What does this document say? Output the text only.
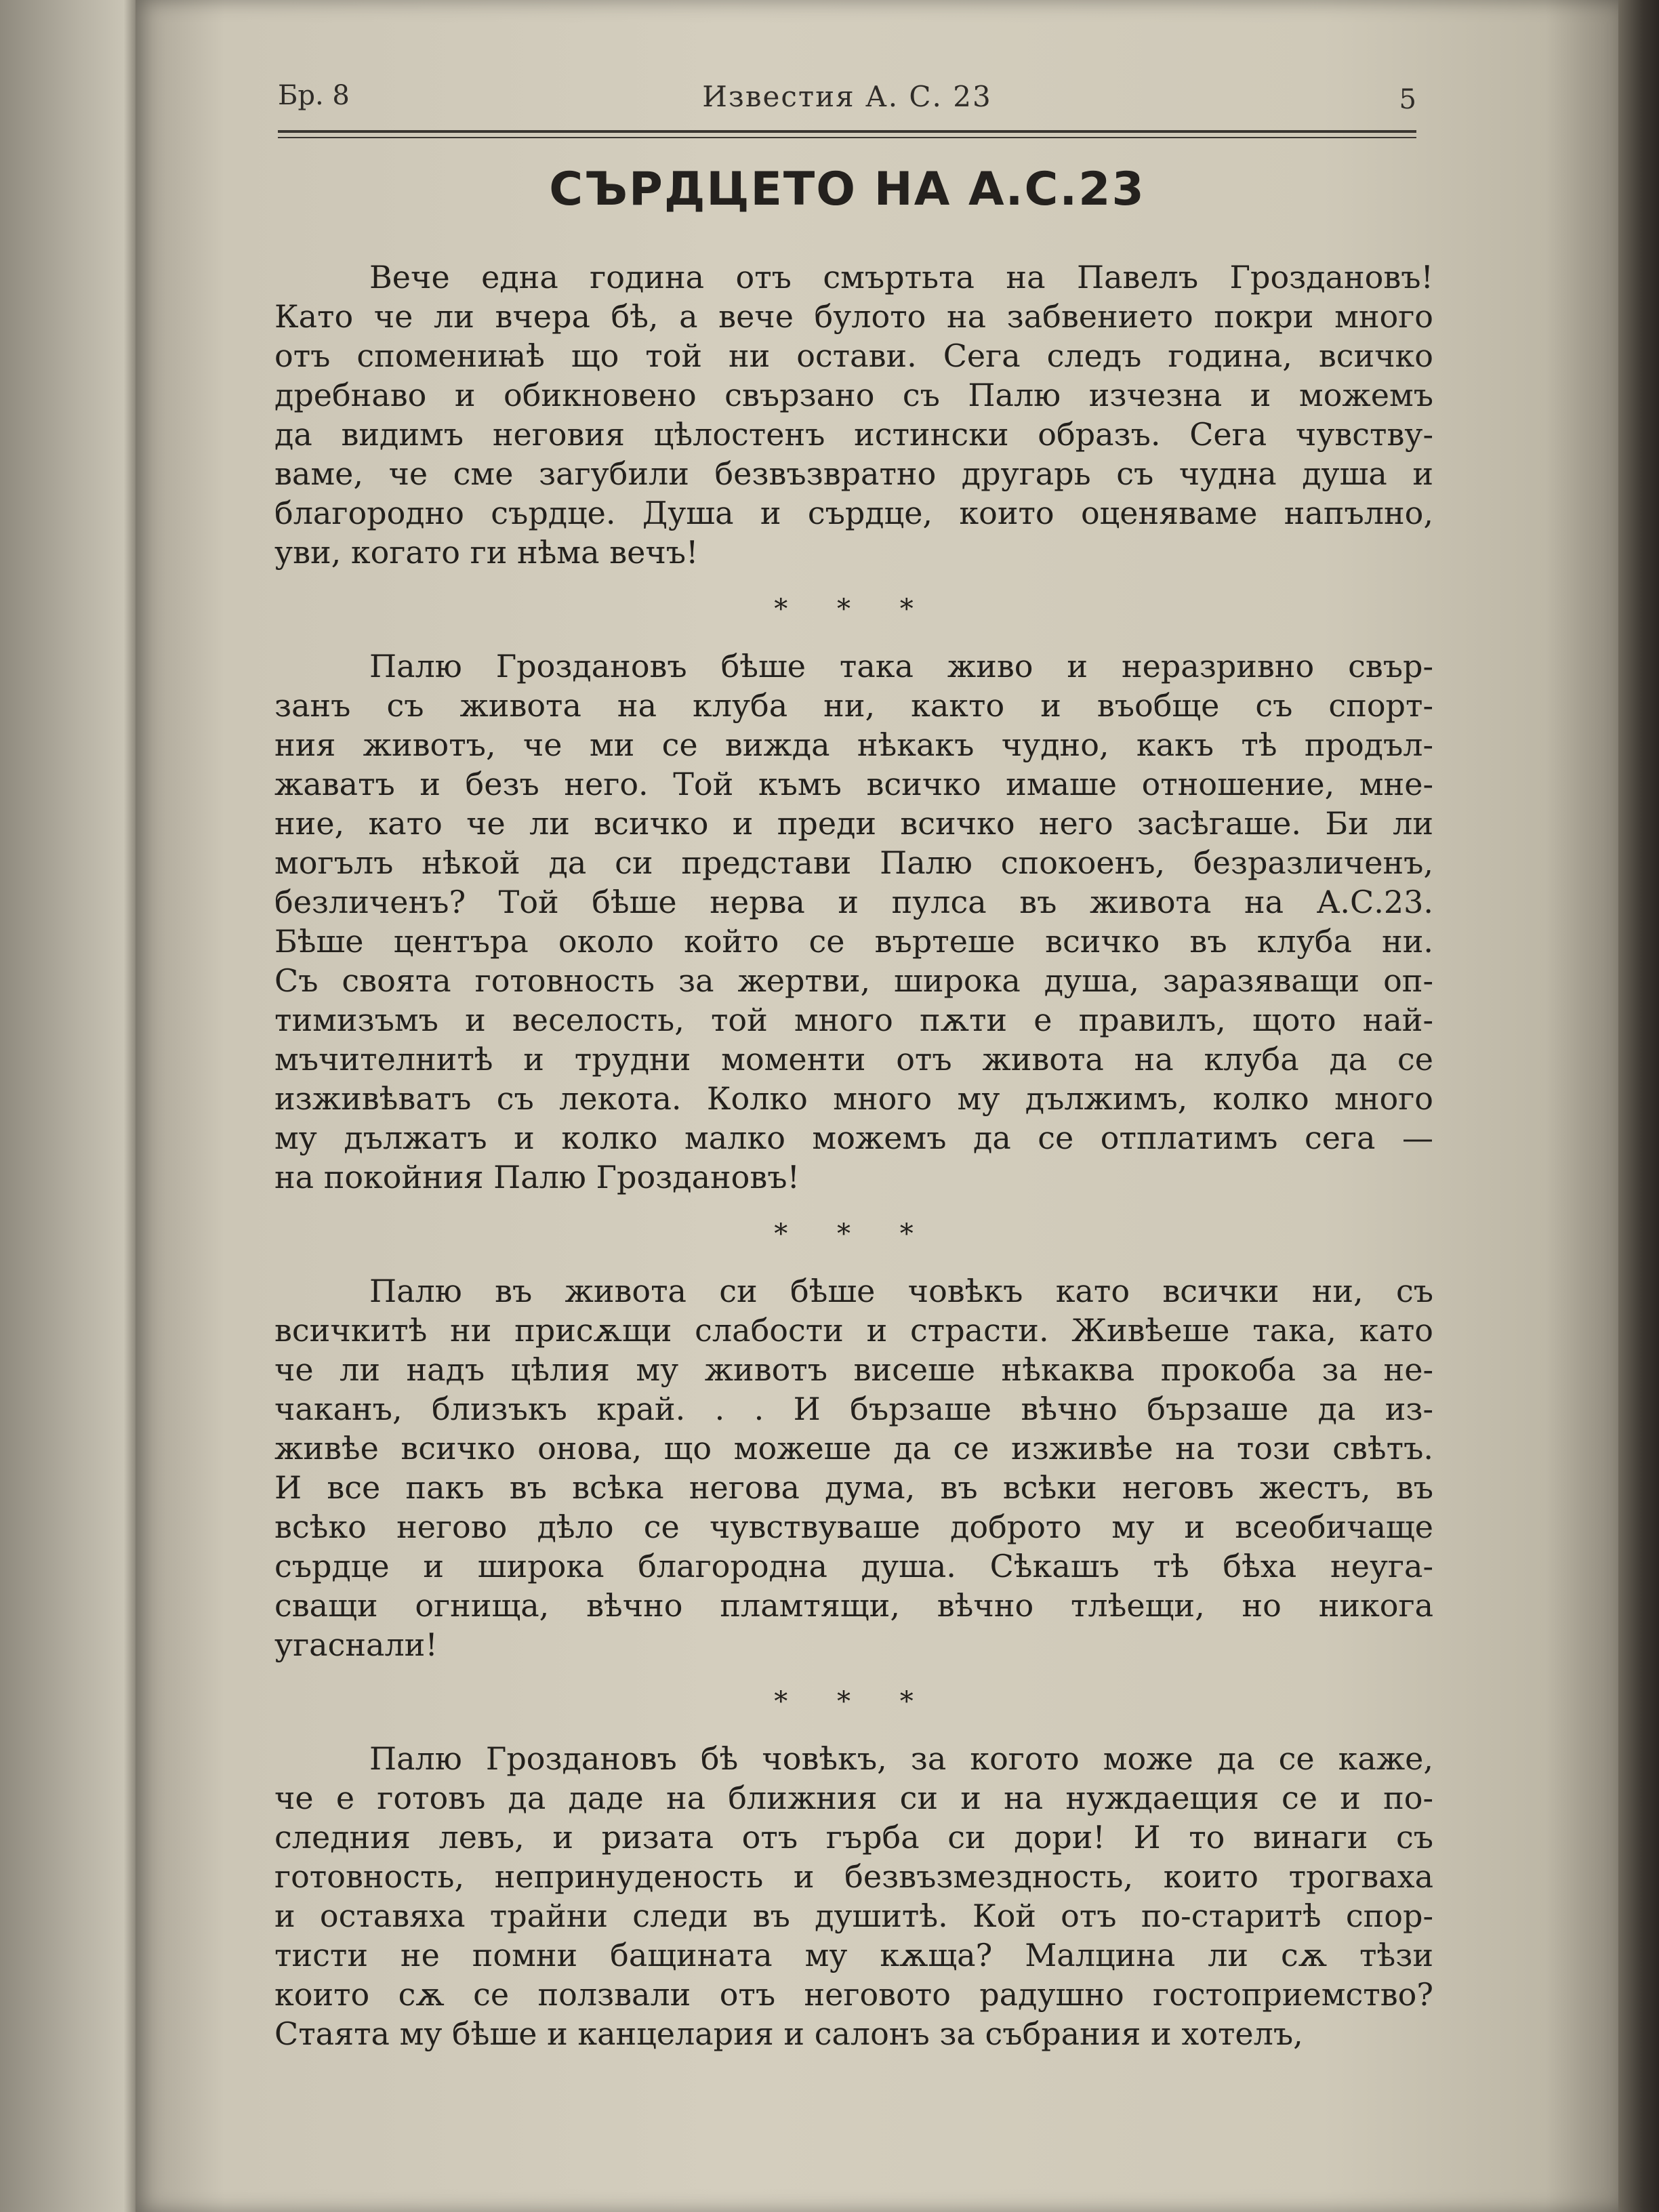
Бр. 8	Известия А. С. 23	5
СЪРДЦЕТО НА А.С.23
Вече една година отъ смъртьта на Павелъ Гроздановъ!
Като че ли вчера бѣ, а вече булото на забвението покри много
отъ спомениꙗѣ що той ни остави. Сега следъ година, всичко
дребнаво и обикновено свързано съ Палю изчезна и можемъ
да видимъ неговия цѣлостенъ истински образъ. Сега чувству-
ваме, че сме загубили безвъзвратно другарь съ чудна душа и
благородно сърдце. Душа и сърдце, които оценяваме напълно,
уви, когато ги нѣма вечъ!
* * *
Палю Гроздановъ бѣше така живо и неразривно свър-
занъ съ живота на клуба ни, както и въобще съ спорт-
ния животъ, че ми се вижда нѣкакъ чудно, какъ тѣ продъл-
жаватъ и безъ него. Той къмъ всичко имаше отношение, мне-
ние, като че ли всичко и преди всичко него засѣгаше. Би ли
могълъ нѣкой да си представи Палю спокоенъ, безразличенъ,
безличенъ? Той бѣше нерва и пулса въ живота на А.С.23.
Бѣше центъра около който се въртеше всичко въ клуба ни.
Съ своята готовность за жертви, широка душа, заразяващи оп-
тимизъмъ и веселость, той много пѫти е правилъ, щото най-
мъчителнитѣ и трудни моменти отъ живота на клуба да се
изживѣватъ съ лекота. Колко много му дължимъ, колко много
му дължатъ и колко малко можемъ да се отплатимъ сега —
на покойния Палю Гроздановъ!
* * *
Палю въ живота си бѣше човѣкъ като всички ни, съ
всичкитѣ ни присѫщи слабости и страсти. Живѣеше така, като
че ли надъ цѣлия му животъ висеше нѣкаква прокоба за не-
чаканъ, близъкъ край. . . И бързаше вѣчно бързаше да из-
живѣе всичко онова, що можеше да се изживѣе на този свѣтъ.
И все пакъ въ всѣка негова дума, въ всѣки неговъ жестъ, въ
всѣко негово дѣло се чувствуваше доброто му и всеобичаще
сърдце и широка благородна душа. Сѣкашъ тѣ бѣха неуга-
сващи огнища, вѣчно пламтящи, вѣчно тлѣещи, но никога
угаснали!
* * *
Палю Гроздановъ бѣ човѣкъ, за когото може да се каже,
че е готовъ да даде на ближния си и на нуждаещия се и по-
следния левъ, и ризата отъ гърба си дори! И то винаги съ
готовность, непринуденость и безвъзмездность, които трогваха
и оставяха трайни следи въ душитѣ. Кой отъ по-старитѣ спор-
тисти не помни бащината му кѫща? Малцина ли сѫ тѣзи
които сѫ се ползвали отъ неговото радушно гостоприемство?
Стаята му бѣше и канцелария и салонъ за събрания и хотелъ,
